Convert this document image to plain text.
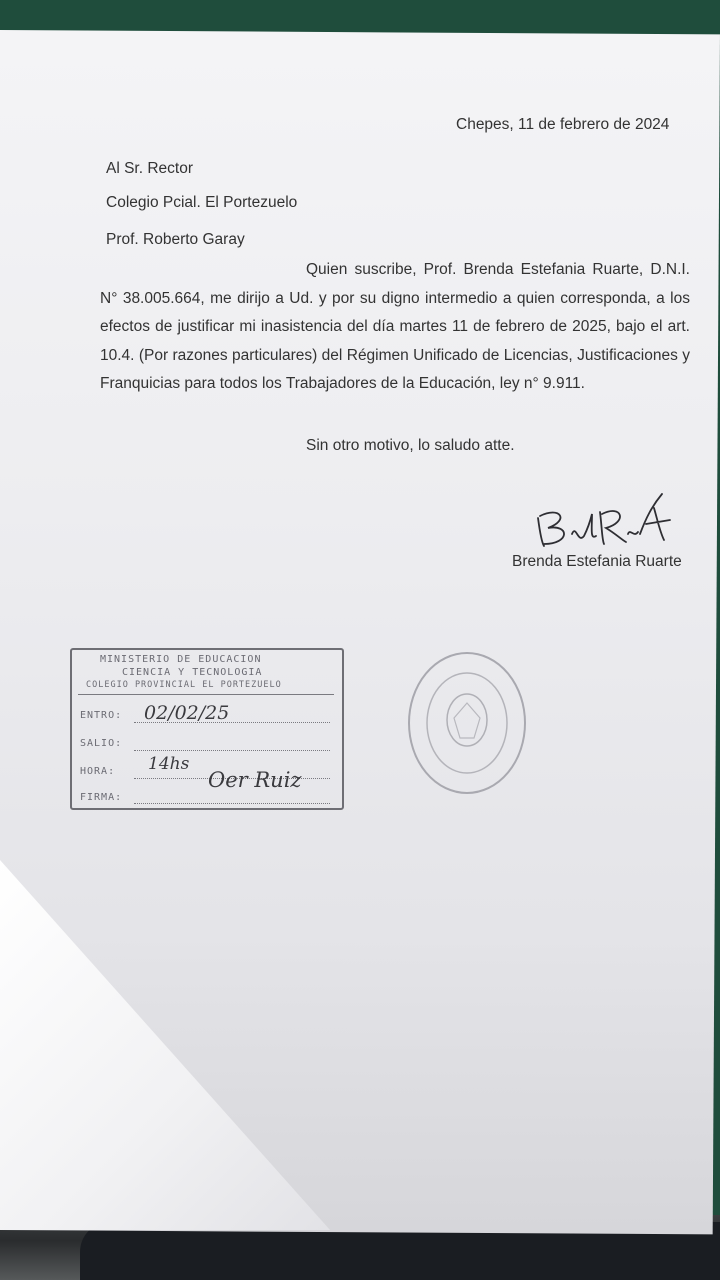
Chepes, 11 de febrero de 2024
Al Sr. Rector
Colegio Pcial. El Portezuelo
Prof. Roberto Garay
Quien suscribe, Prof. Brenda Estefania Ruarte, D.N.I. N° 38.005.664, me dirijo a Ud. y por su digno intermedio a quien corresponda, a los efectos de justificar mi inasistencia del día martes 11 de febrero de 2025, bajo el art. 10.4. (Por razones particulares) del Régimen Unificado de Licencias, Justificaciones y Franquicias para todos los Trabajadores de la Educación, ley n° 9.911.
Sin otro motivo, lo saludo atte.
Brenda Estefania Ruarte
MINISTERIO DE EDUCACION
CIENCIA Y TECNOLOGIA
COLEGIO PROVINCIAL EL PORTEZUELO
ENTRO: 02/02/25
SALIO:
HORA: 14hs
Oer Ruiz
FIRMA:
